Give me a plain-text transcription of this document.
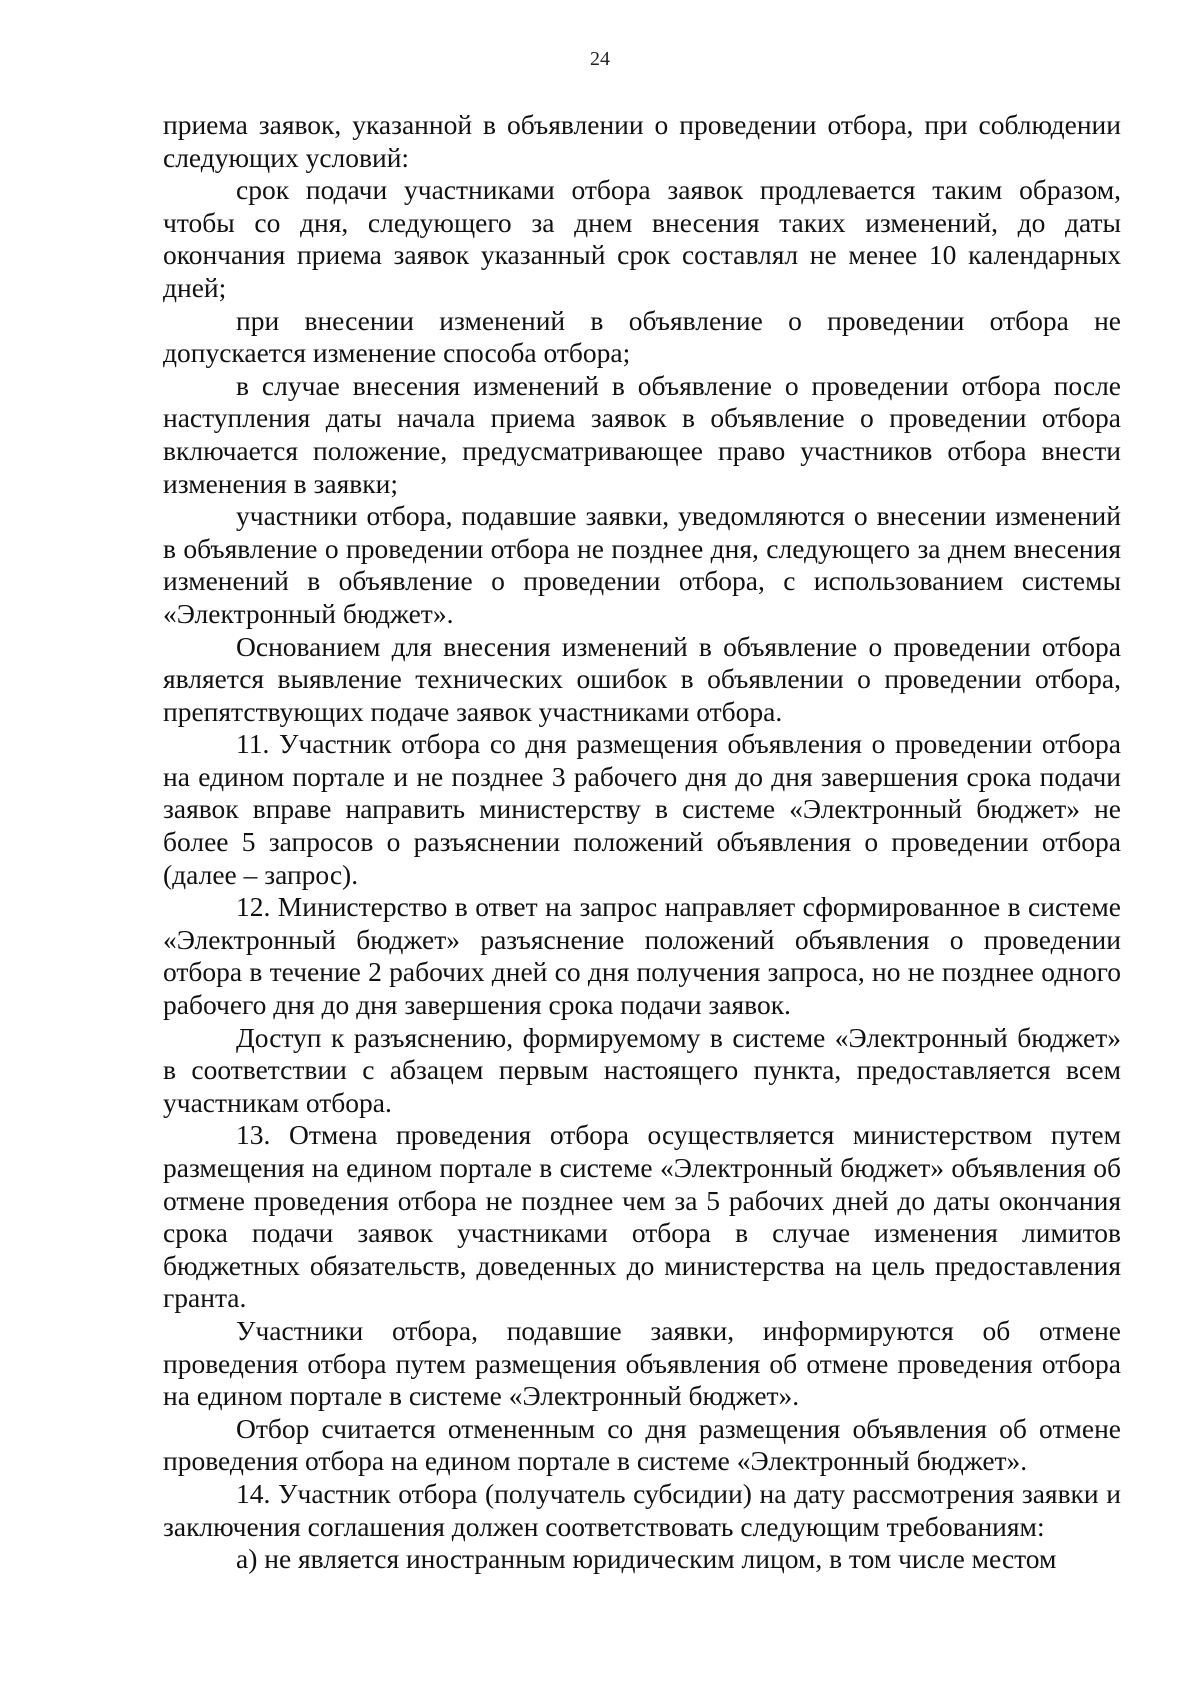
24

приема заявок, указанной в объявлении о проведении отбора, при соблюдении следующих условий:

срок подачи участниками отбора заявок продлевается таким образом, чтобы со дня, следующего за днем внесения таких изменений, до даты окончания приема заявок указанный срок составлял не менее 10 календарных дней;

при внесении изменений в объявление о проведении отбора не допускается изменение способа отбора;

в случае внесения изменений в объявление о проведении отбора после наступления даты начала приема заявок в объявление о проведении отбора включается положение, предусматривающее право участников отбора внести изменения в заявки;

участники отбора, подавшие заявки, уведомляются о внесении изменений в объявление о проведении отбора не позднее дня, следующего за днем внесения изменений в объявление о проведении отбора, с использованием системы «Электронный бюджет».

Основанием для внесения изменений в объявление о проведении отбора является выявление технических ошибок в объявлении о проведении отбора, препятствующих подаче заявок участниками отбора.

11. Участник отбора со дня размещения объявления о проведении отбора на едином портале и не позднее 3 рабочего дня до дня завершения срока подачи заявок вправе направить министерству в системе «Электронный бюджет» не более 5 запросов о разъяснении положений объявления о проведении отбора (далее – запрос).

12. Министерство в ответ на запрос направляет сформированное в системе «Электронный бюджет» разъяснение положений объявления о проведении отбора в течение 2 рабочих дней со дня получения запроса, но не позднее одного рабочего дня до дня завершения срока подачи заявок.

Доступ к разъяснению, формируемому в системе «Электронный бюджет» в соответствии с абзацем первым настоящего пункта, предоставляется всем участникам отбора.

13. Отмена проведения отбора осуществляется министерством путем размещения на едином портале в системе «Электронный бюджет» объявления об отмене проведения отбора не позднее чем за 5 рабочих дней до даты окончания срока подачи заявок участниками отбора в случае изменения лимитов бюджетных обязательств, доведенных до министерства на цель предоставления гранта.

Участники отбора, подавшие заявки, информируются об отмене проведения отбора путем размещения объявления об отмене проведения отбора на едином портале в системе «Электронный бюджет».

Отбор считается отмененным со дня размещения объявления об отмене проведения отбора на едином портале в системе «Электронный бюджет».

14. Участник отбора (получатель субсидии) на дату рассмотрения заявки и заключения соглашения должен соответствовать следующим требованиям:

а) не является иностранным юридическим лицом, в том числе местом
